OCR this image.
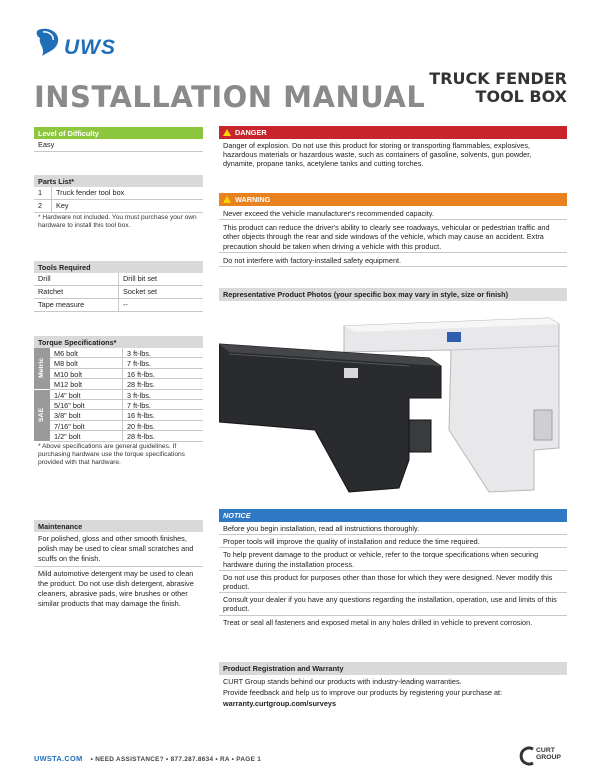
UWS
INSTALLATION MANUAL
TRUCK FENDER
TOOL BOX
Level of Difficulty
Easy
Parts List*
1	Truck fender tool box
2	Key
* Hardware not included. You must purchase your own hardware to install this tool box.
Tools Required
Drill	Drill bit set
Ratchet	Socket set
Tape measure	--
Torque Specifications*
Metric
SAE
M6 bolt	3 ft-lbs.
M8 bolt	7 ft-lbs.
M10 bolt	16 ft-lbs.
M12 bolt	28 ft-lbs.
1/4" bolt	3 ft-lbs.
5/16" bolt	7 ft-lbs.
3/8" bolt	16 ft-lbs.
7/16" bolt	20 ft-lbs.
1/2" bolt	28 ft-lbs.
* Above specifications are general guidelines. If purchasing hardware use the torque specifications provided with that hardware.
Maintenance
For polished, gloss and other smooth finishes, polish may be used to clear small scratches and scuffs on the finish.
Mild automotive detergent may be used to clean the product. Do not use dish detergent, abrasive cleaners, abrasive pads, wire brushes or other similar products that may damage the finish.
DANGER
Danger of explosion. Do not use this product for storing or transporting flammables, explosives, hazardous materials or hazardous waste, such as containers of gasoline, solvents, gun powder, dynamite, propane tanks, acetylene tanks and cutting torches.
WARNING
Never exceed the vehicle manufacturer's recommended capacity.
This product can reduce the driver's ability to clearly see roadways, vehicular or pedestrian traffic and other objects through the rear and side windows of the vehicle, which may cause an accident. Extra precaution should be taken when driving a vehicle with this product.
Do not interfere with factory-installed safety equipment.
Representative Product Photos (your specific box may vary in style, size or finish)
NOTICE
Before you begin installation, read all instructions thoroughly.
Proper tools will improve the quality of installation and reduce the time required.
To help prevent damage to the product or vehicle, refer to the torque specifications when securing hardware during the installation process.
Do not use this product for purposes other than those for which they were designed. Never modify this product.
Consult your dealer if you have any questions regarding the installation, operation, use and limits of this product.
Treat or seal all fasteners and exposed metal in any holes drilled in vehicle to prevent corrosion.
Product Registration and Warranty
CURT Group stands behind our products with industry-leading warranties.
Provide feedback and help us to improve our products by registering your purchase at:
warranty.curtgroup.com/surveys
UWSTA.COM • NEED ASSISTANCE? • 877.287.8634 • RA • PAGE 1
CURT
GROUP
